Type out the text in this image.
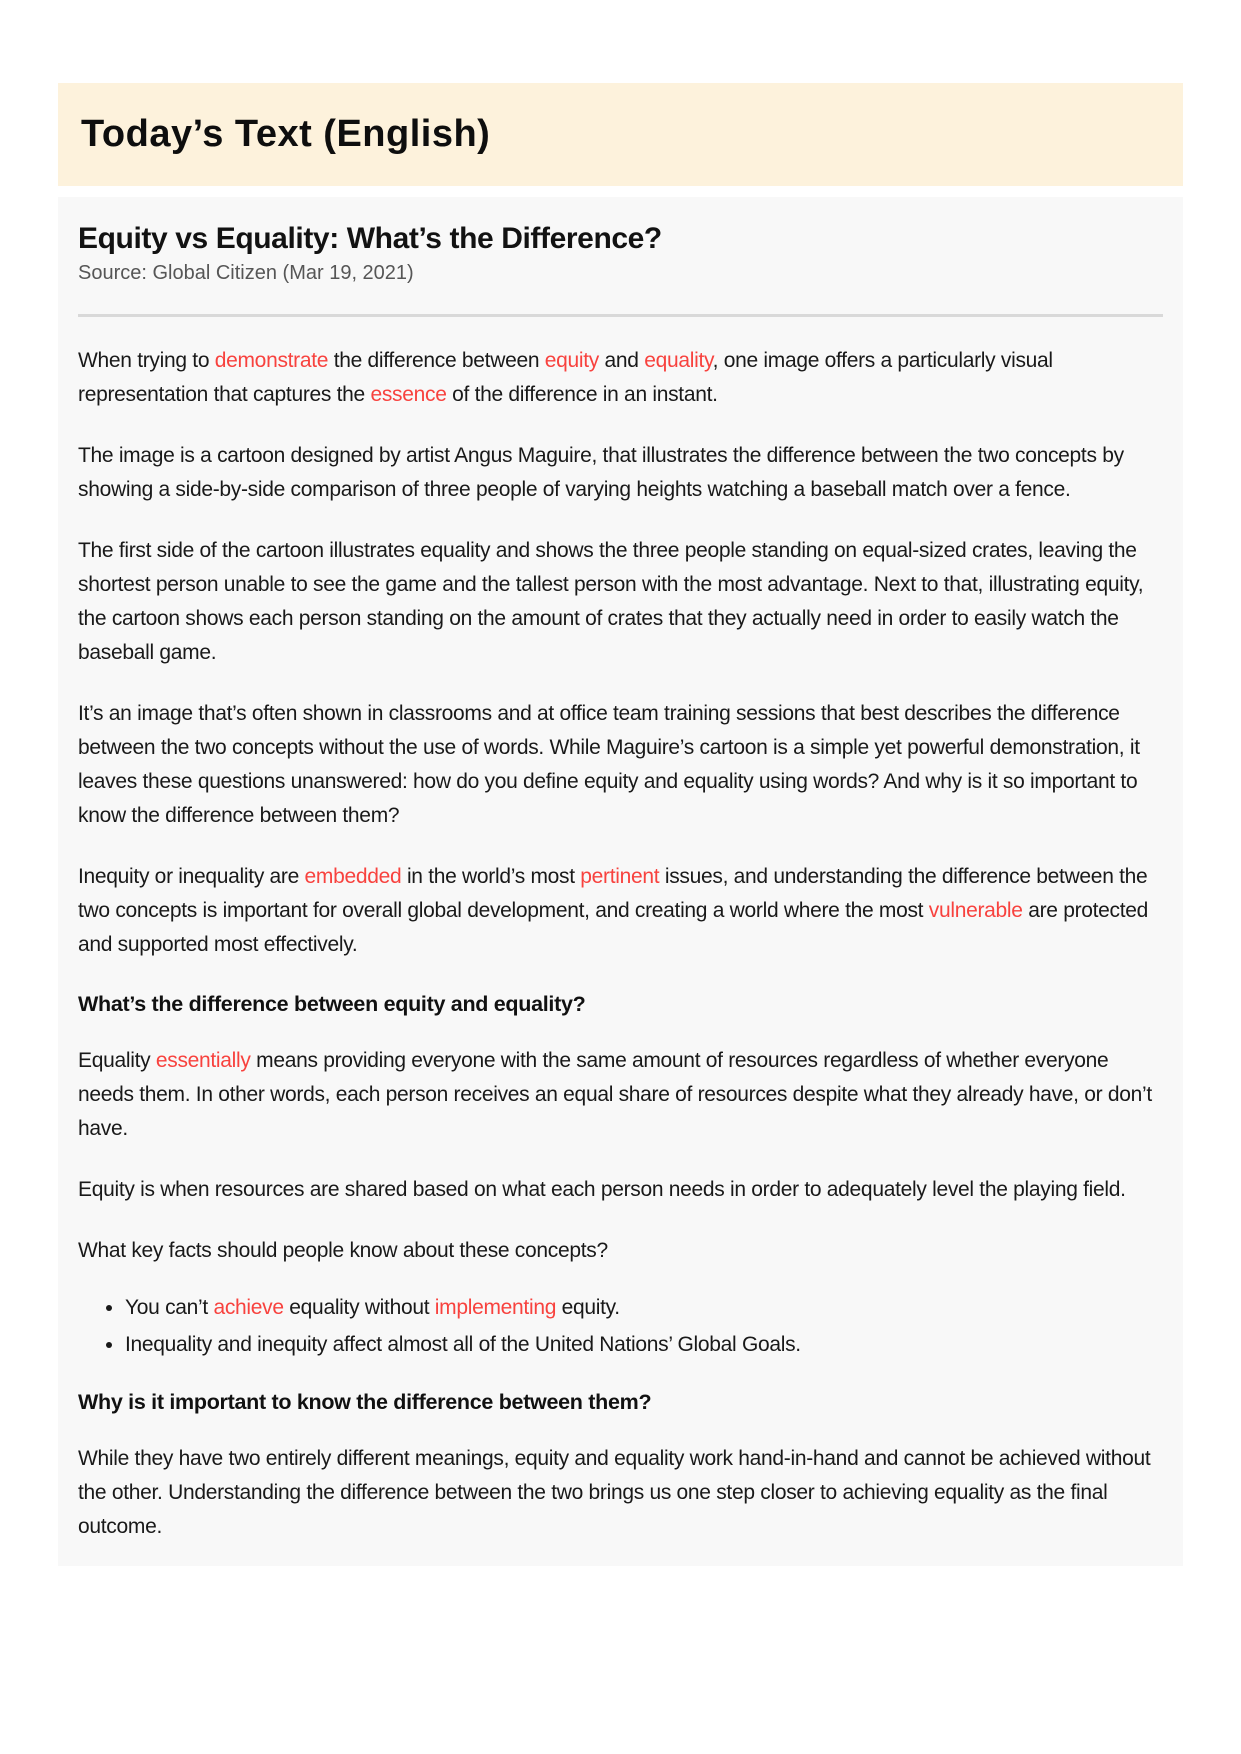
Today’s Text (English)
Equity vs Equality: What’s the Difference?

Source: Global Citizen (Mar 19, 2021)

When trying to demonstrate the difference between equity and equality, one image offers a particularly visual representation that captures the essence of the difference in an instant.

The image is a cartoon designed by artist Angus Maguire, that illustrates the difference between the two concepts by showing a side-by-side comparison of three people of varying heights watching a baseball match over a fence.

The first side of the cartoon illustrates equality and shows the three people standing on equal-sized crates, leaving the shortest person unable to see the game and the tallest person with the most advantage. Next to that, illustrating equity, the cartoon shows each person standing on the amount of crates that they actually need in order to easily watch the baseball game.

It’s an image that’s often shown in classrooms and at office team training sessions that best describes the difference between the two concepts without the use of words. While Maguire’s cartoon is a simple yet powerful demonstration, it leaves these questions unanswered: how do you define equity and equality using words? And why is it so important to know the difference between them?

Inequity or inequality are embedded in the world’s most pertinent issues, and understanding the difference between the two concepts is important for overall global development, and creating a world where the most vulnerable are protected and supported most effectively.

What’s the difference between equity and equality?

Equality essentially means providing everyone with the same amount of resources regardless of whether everyone needs them. In other words, each person receives an equal share of resources despite what they already have, or don’t have.

Equity is when resources are shared based on what each person needs in order to adequately level the playing field.

What key facts should people know about these concepts?

• You can’t achieve equality without implementing equity.
• Inequality and inequity affect almost all of the United Nations’ Global Goals.
Why is it important to know the difference between them?

While they have two entirely different meanings, equity and equality work hand-in-hand and cannot be achieved without the other. Understanding the difference between the two brings us one step closer to achieving equality as the final outcome.
